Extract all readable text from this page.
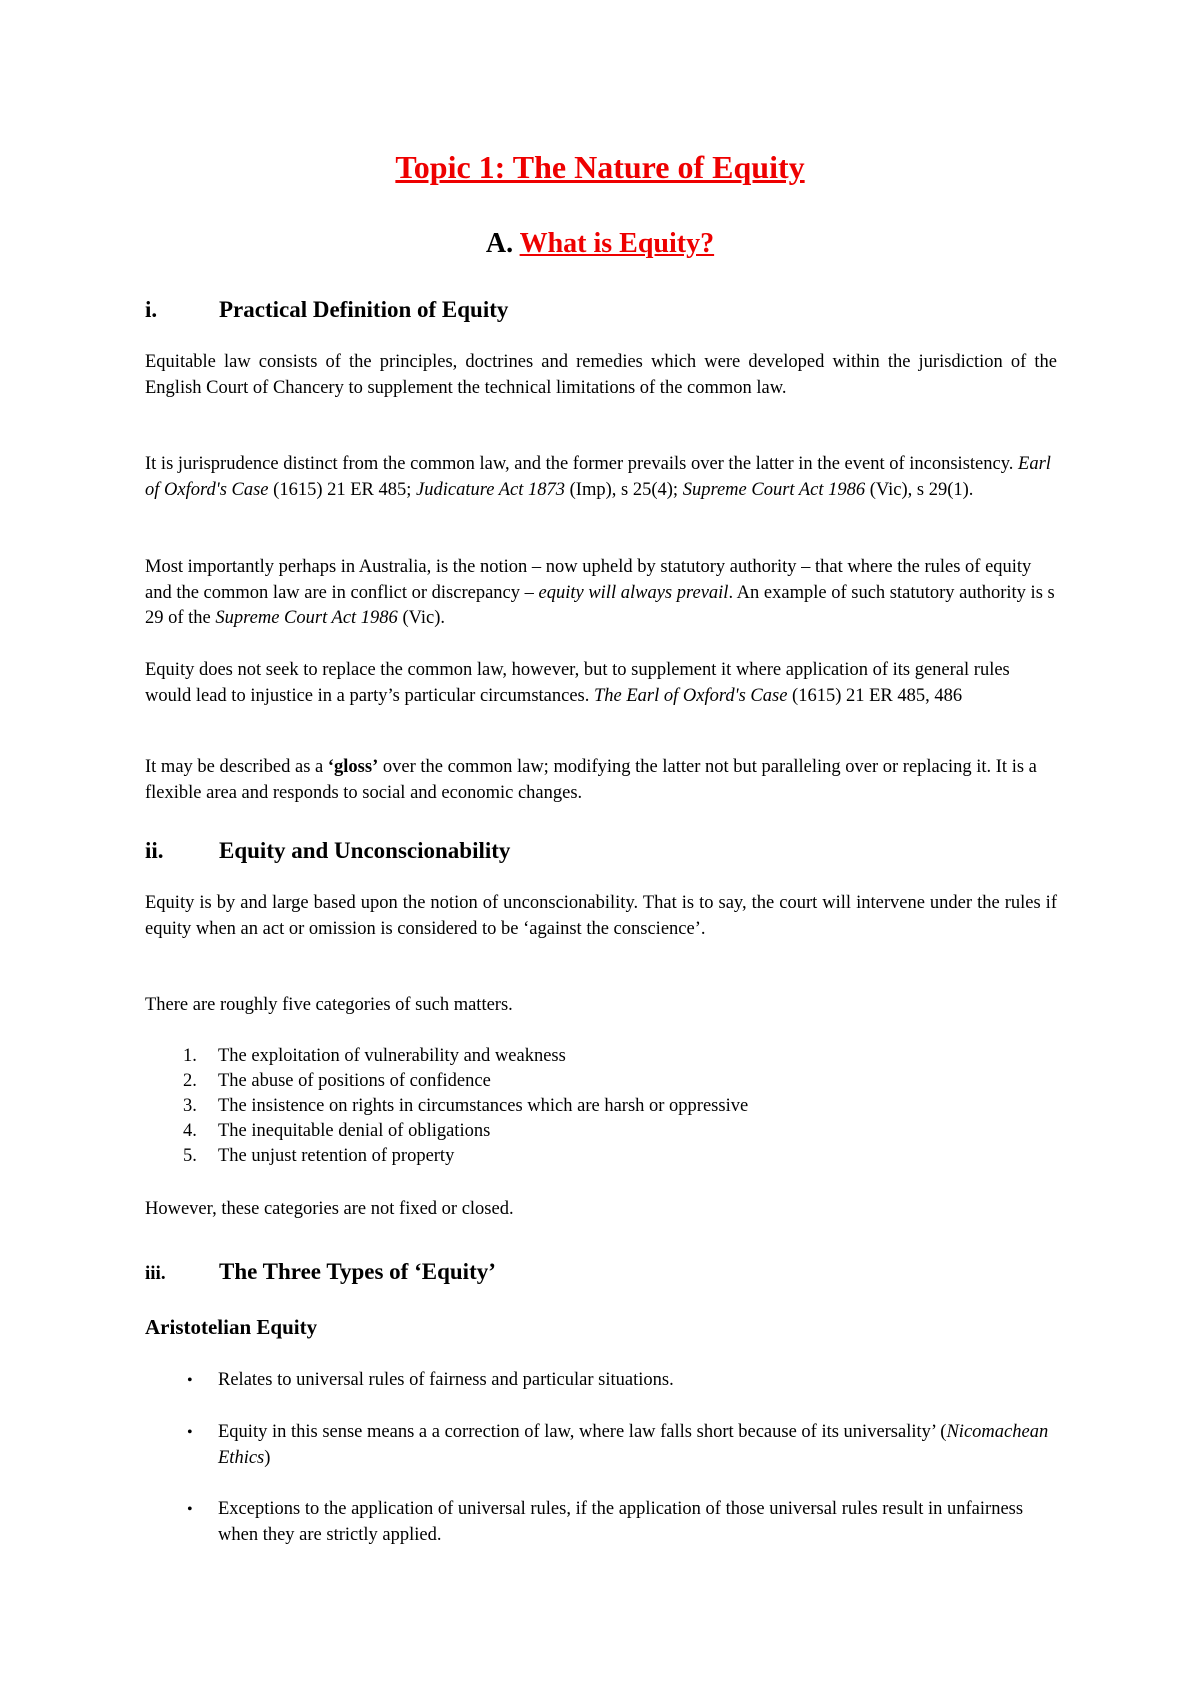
Topic 1: The Nature of Equity
A. What is Equity?
i.	Practical Definition of Equity

Equitable law consists of the principles, doctrines and remedies which were developed within the jurisdiction of the English Court of Chancery to supplement the technical limitations of the common law.

It is jurisprudence distinct from the common law, and the former prevails over the latter in the event of inconsistency. Earl of Oxford's Case (1615) 21 ER 485; Judicature Act 1873 (Imp), s 25(4); Supreme Court Act 1986 (Vic), s 29(1).

Most importantly perhaps in Australia, is the notion – now upheld by statutory authority – that where the rules of equity and the common law are in conflict or discrepancy – equity will always prevail. An example of such statutory authority is s 29 of the Supreme Court Act 1986 (Vic).

Equity does not seek to replace the common law, however, but to supplement it where application of its general rules would lead to injustice in a party’s particular circumstances. The Earl of Oxford's Case (1615) 21 ER 485, 486

It may be described as a ‘gloss’ over the common law; modifying the latter not but paralleling over or replacing it. It is a flexible area and responds to social and economic changes.

ii. Equity and Unconscionability

Equity is by and large based upon the notion of unconscionability. That is to say, the court will intervene under the rules if equity when an act or omission is considered to be ‘against the conscience’.

There are roughly five categories of such matters.

1.	The exploitation of vulnerability and weakness
2.	The abuse of positions of confidence
3.	The insistence on rights in circumstances which are harsh or oppressive
4.	The inequitable denial of obligations
5.	The unjust retention of property

However, these categories are not fixed or closed.

iii. The Three Types of ‘Equity’
Aristotelian Equity
• Relates to universal rules of fairness and particular situations.
• Equity in this sense means a a correction of law, where law falls short because of its universality’ (Nicomachean Ethics)
• Exceptions to the application of universal rules, if the application of those universal rules result in unfairness when they are strictly applied.
